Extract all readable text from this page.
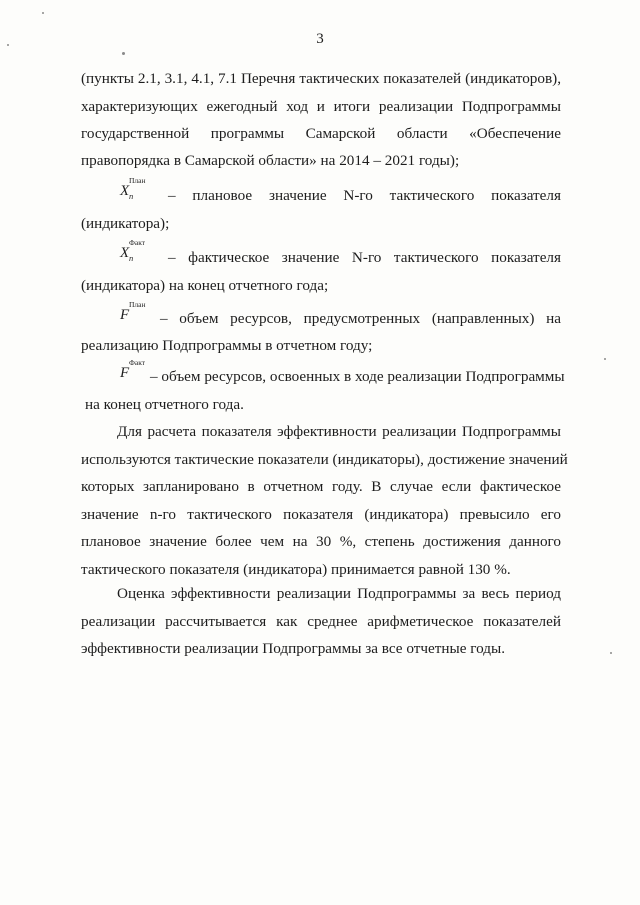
3
(пункты 2.1, 3.1, 4.1, 7.1 Перечня тактических показателей (индикаторов),
характеризующих ежегодный ход и итоги реализации Подпрограммы
государственной программы Самарской области «Обеспечение
правопорядка в Самарской области» на 2014 – 2021 годы);
X
План
n – плановое значение N-го тактического показателя
(индикатора);
X
Факт
n – фактическое значение N-го тактического показателя
(индикатора) на конец отчетного года;
F
План
– объем ресурсов, предусмотренных (направленных) на
реализацию Подпрограммы в отчетном году;
F
Факт
– объем ресурсов, освоенных в ходе реализации Подпрограммы
на конец отчетного года.
Для расчета показателя эффективности реализации Подпрограммы
используются тактические показатели (индикаторы), достижение значений
которых запланировано в отчетном году. В случае если фактическое
значение n-го тактического показателя (индикатора) превысило его
плановое значение более чем на 30 %, степень достижения данного
тактического показателя (индикатора) принимается равной 130 %.
Оценка эффективности реализации Подпрограммы за весь период
реализации рассчитывается как среднее арифметическое показателей
эффективности реализации Подпрограммы за все отчетные годы.
